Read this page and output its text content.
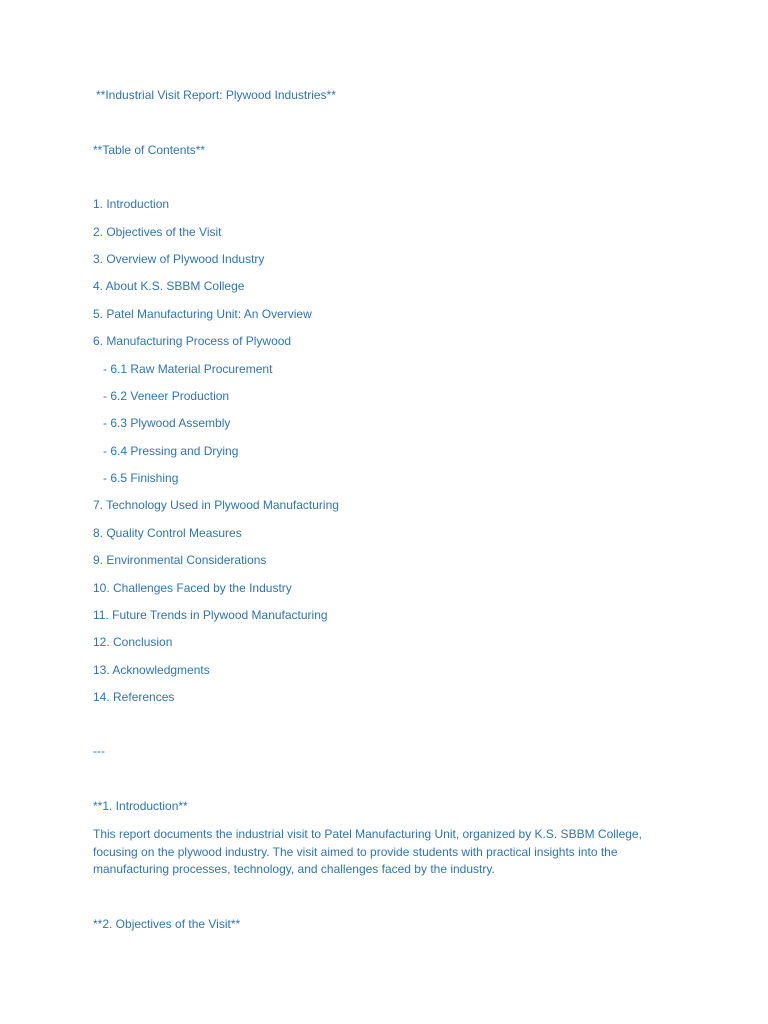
**Industrial Visit Report: Plywood Industries**
**Table of Contents**
1. Introduction
2. Objectives of the Visit
3. Overview of Plywood Industry
4. About K.S. SBBM College
5. Patel Manufacturing Unit: An Overview
6. Manufacturing Process of Plywood
- 6.1 Raw Material Procurement
- 6.2 Veneer Production
- 6.3 Plywood Assembly
- 6.4 Pressing and Drying
- 6.5 Finishing
7. Technology Used in Plywood Manufacturing
8. Quality Control Measures
9. Environmental Considerations
10. Challenges Faced by the Industry
11. Future Trends in Plywood Manufacturing
12. Conclusion
13. Acknowledgments
14. References
---
**1. Introduction**
This report documents the industrial visit to Patel Manufacturing Unit, organized by K.S. SBBM College, focusing on the plywood industry. The visit aimed to provide students with practical insights into the manufacturing processes, technology, and challenges faced by the industry.
**2. Objectives of the Visit**
